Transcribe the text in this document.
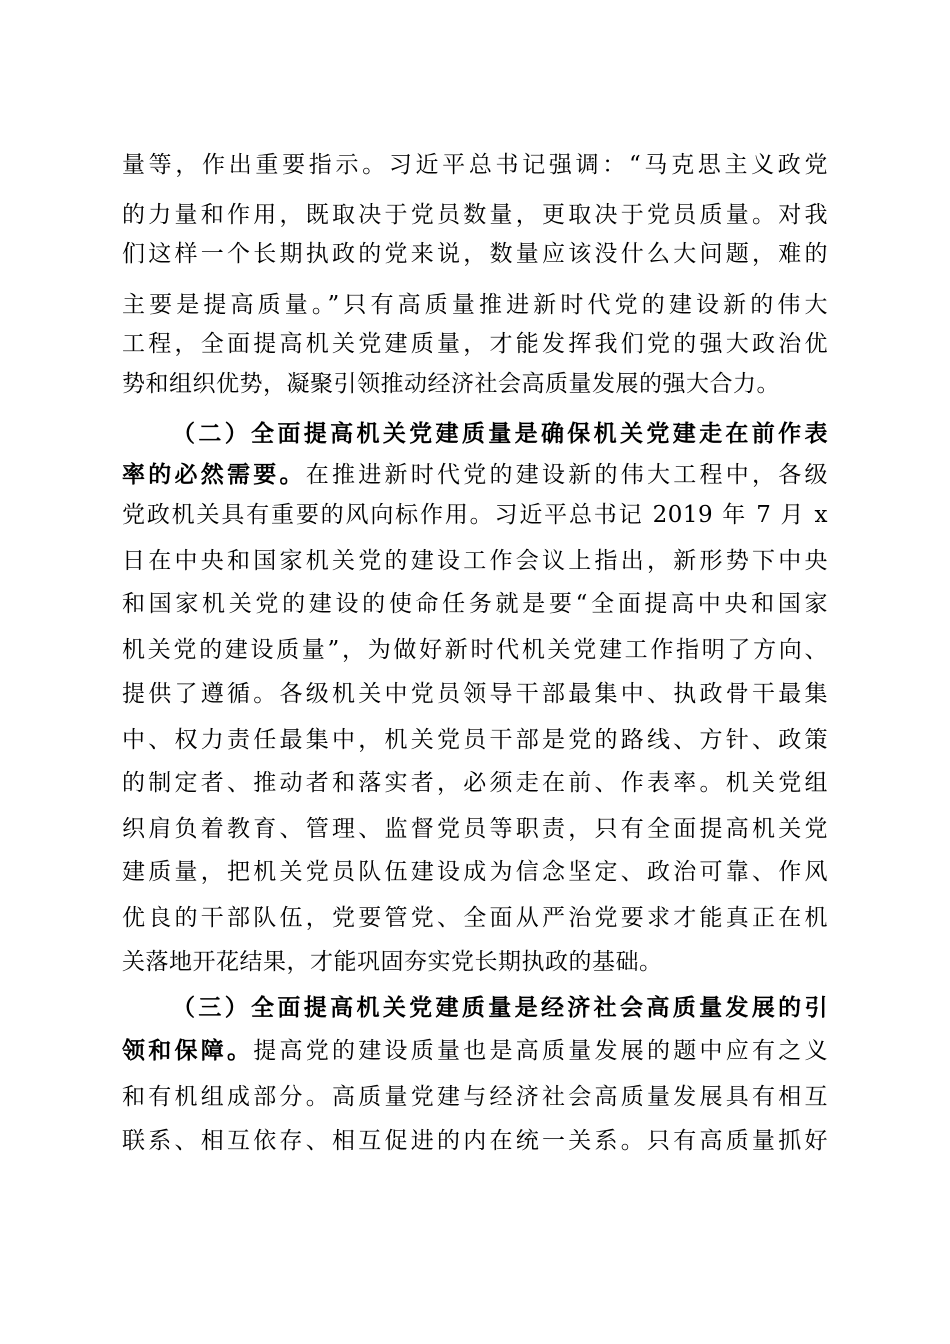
量等，作出重要指示。习近平总书记强调：“马克思主义政党
的力量和作用，既取决于党员数量，更取决于党员质量。对我
们这样一个长期执政的党来说，数量应该没什么大问题，难的
主要是提高质量。”只有高质量推进新时代党的建设新的伟大
工程，全面提高机关党建质量，才能发挥我们党的强大政治优
势和组织优势，凝聚引领推动经济社会高质量发展的强大合力。
（二）全面提高机关党建质量是确保机关党建走在前作表
率的必然需要。在推进新时代党的建设新的伟大工程中，各级
党政机关具有重要的风向标作用。习近平总书记 2019 年 7 月 x
日在中央和国家机关党的建设工作会议上指出，新形势下中央
和国家机关党的建设的使命任务就是要“全面提高中央和国家
机关党的建设质量”，为做好新时代机关党建工作指明了方向、
提供了遵循。各级机关中党员领导干部最集中、执政骨干最集
中、权力责任最集中，机关党员干部是党的路线、方针、政策
的制定者、推动者和落实者，必须走在前、作表率。机关党组
织肩负着教育、管理、监督党员等职责，只有全面提高机关党
建质量，把机关党员队伍建设成为信念坚定、政治可靠、作风
优良的干部队伍，党要管党、全面从严治党要求才能真正在机
关落地开花结果，才能巩固夯实党长期执政的基础。
（三）全面提高机关党建质量是经济社会高质量发展的引
领和保障。提高党的建设质量也是高质量发展的题中应有之义
和有机组成部分。高质量党建与经济社会高质量发展具有相互
联系、相互依存、相互促进的内在统一关系。只有高质量抓好
